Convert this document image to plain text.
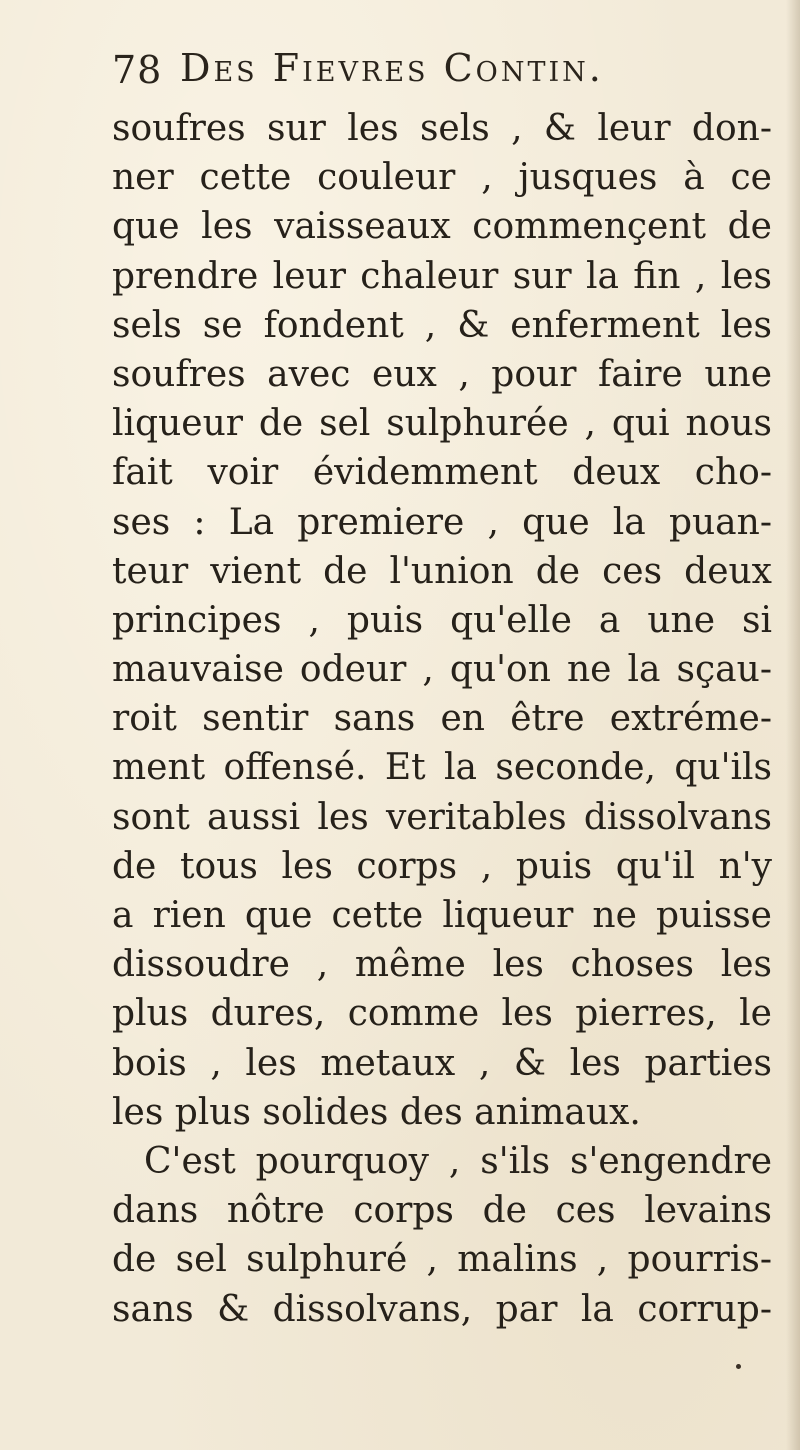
78 Des Fievres Contin.
soufres sur les sels , & leur don-
ner cette couleur , jusques à ce
que les vaisseaux commençent de
prendre leur chaleur sur la fin , les
sels se fondent , & enferment les
soufres avec eux , pour faire une
liqueur de sel sulphurée , qui nous
fait voir évidemment deux cho-
ses : La premiere , que la puan-
teur vient de l'union de ces deux
principes , puis qu'elle a une si
mauvaise odeur , qu'on ne la sçau-
roit sentir sans en être extréme-
ment offensé. Et la seconde, qu'ils
sont aussi les veritables dissolvans
de tous les corps , puis qu'il n'y
a rien que cette liqueur ne puisse
dissoudre , même les choses les
plus dures, comme les pierres, le
bois , les metaux , & les parties
les plus solides des animaux.
C'est pourquoy , s'ils s'engendre
dans nôtre corps de ces levains
de sel sulphuré , malins , pourris-
sans & dissolvans, par la corrup-
